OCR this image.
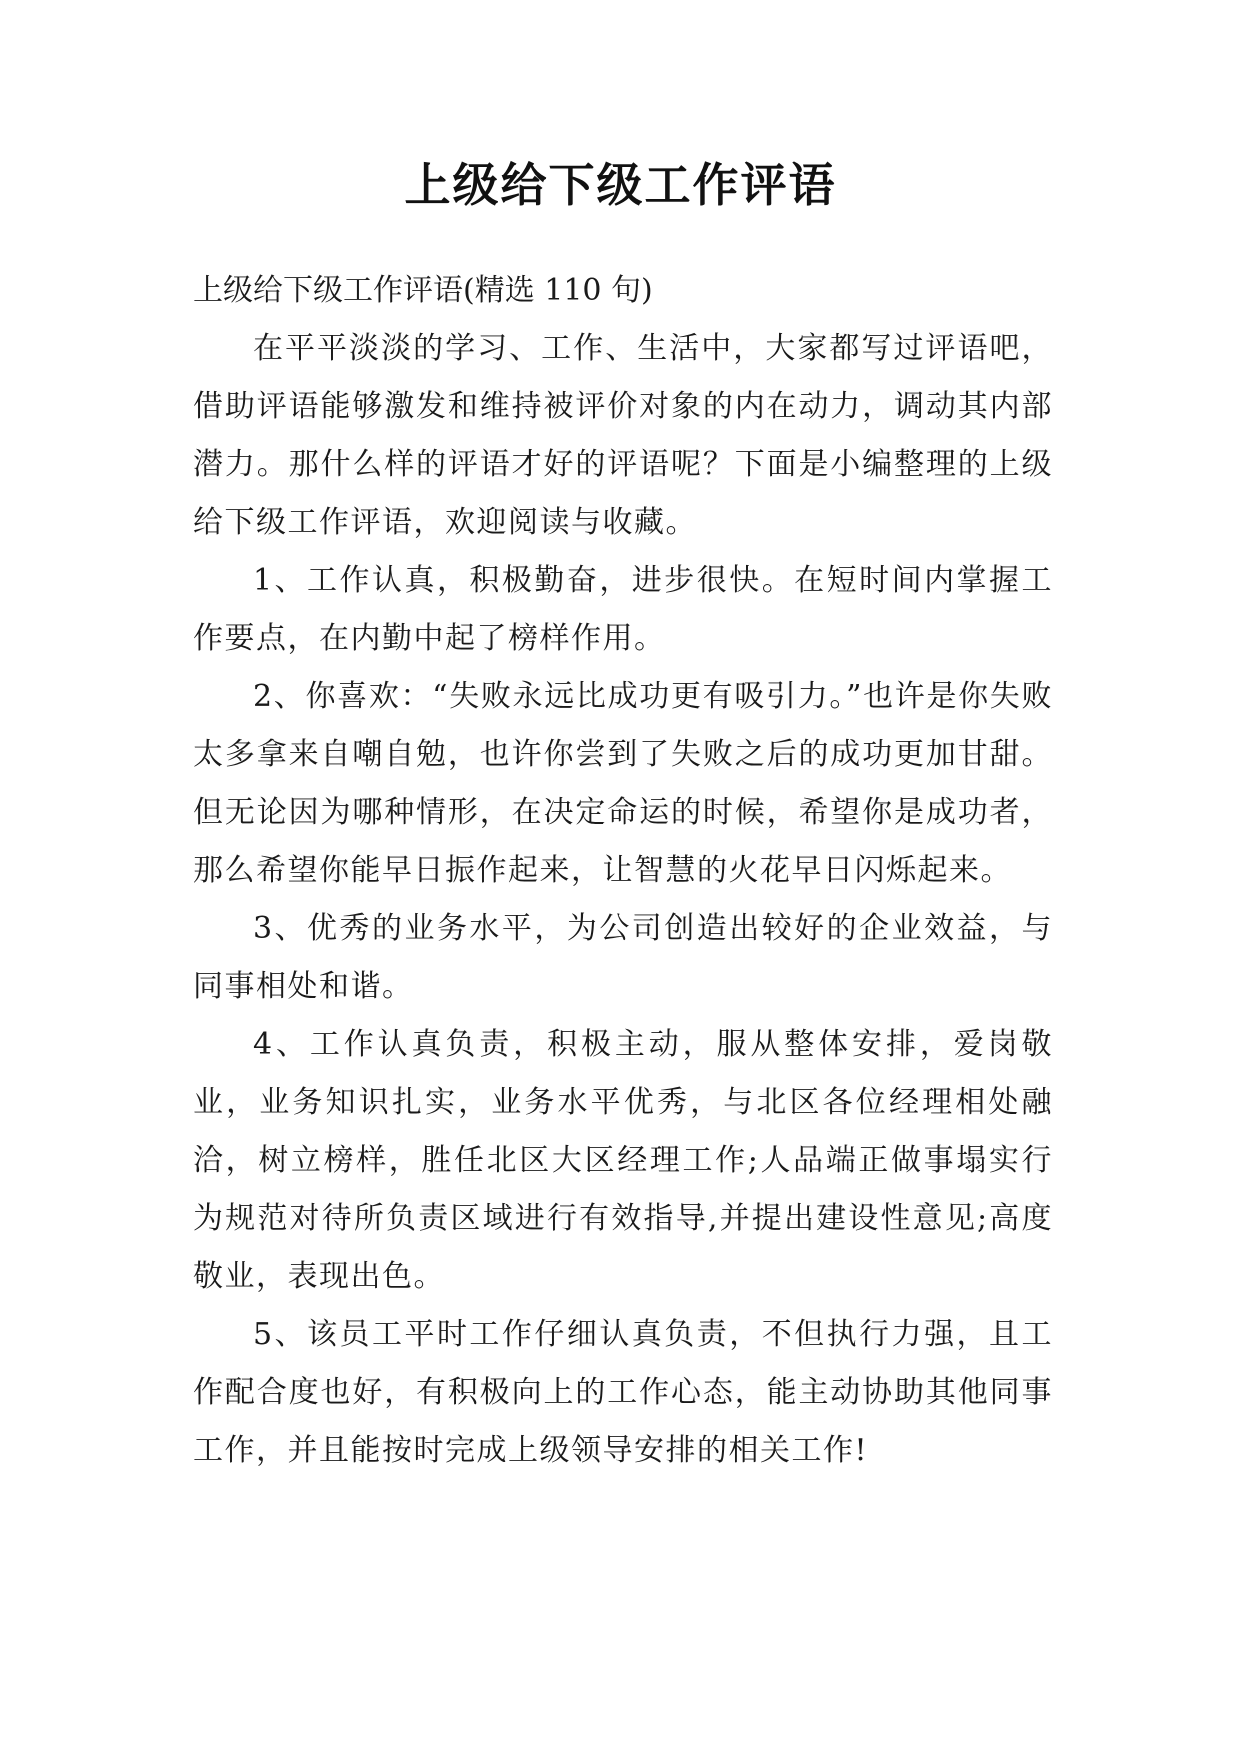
上级给下级工作评语

上级给下级工作评语(精选 110 句)

在平平淡淡的学习、工作、生活中，大家都写过评语吧，借助评语能够激发和维持被评价对象的内在动力，调动其内部潜力。那什么样的评语才好的评语呢？下面是小编整理的上级给下级工作评语，欢迎阅读与收藏。

1、工作认真，积极勤奋，进步很快。在短时间内掌握工作要点，在内勤中起了榜样作用。

2、你喜欢：“失败永远比成功更有吸引力。”也许是你失败太多拿来自嘲自勉，也许你尝到了失败之后的成功更加甘甜。但无论因为哪种情形，在决定命运的时候，希望你是成功者，那么希望你能早日振作起来，让智慧的火花早日闪烁起来。

3、优秀的业务水平，为公司创造出较好的企业效益，与同事相处和谐。

4、工作认真负责，积极主动，服从整体安排，爱岗敬业，业务知识扎实，业务水平优秀，与北区各位经理相处融洽，树立榜样，胜任北区大区经理工作;人品端正做事塌实行为规范对待所负责区域进行有效指导,并提出建设性意见;高度敬业，表现出色。

5、该员工平时工作仔细认真负责，不但执行力强，且工作配合度也好，有积极向上的工作心态，能主动协助其他同事工作，并且能按时完成上级领导安排的相关工作!
